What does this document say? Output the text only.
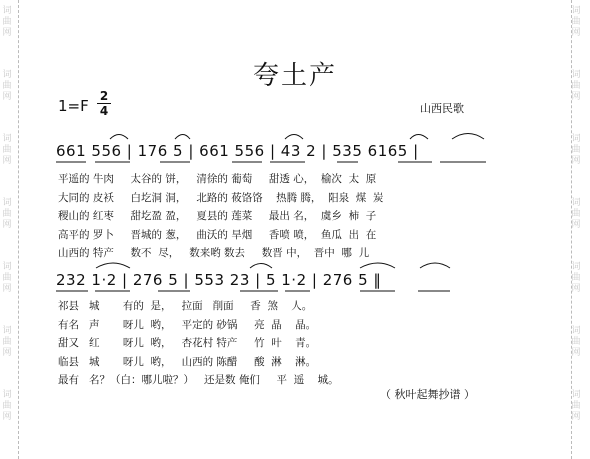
词
曲
网
词
曲
网
词
曲
网
词
曲
网
词
曲
网
词
曲
网
词
曲
网
词
曲
网
词
曲
网
词
曲
网
词
曲
网
词
曲
网
词
曲
网
词
曲
网
夸土产
1=F
2
4	山西民歌
661 556 | 176 5 | 661 556 | 43 2 | 535 6165 |
232 1·2 | 276 5 | 553 23 | 5 1·2 | 276 5 ‖
平遥的 牛肉     太谷的 饼，   清徐的 葡萄     甜透 心，  榆次  太  原
大同的 皮袄     白圪洞 洞，   北路的 莜饹饹    热腾 腾，  阳泉  煤  炭
稷山的 红枣     甜圪盈 盈，   夏县的 莲菜     最出 名，  虞乡  柿  子
高平的 罗卜     晋城的 葱，   曲沃的 旱烟     香喷 喷，  鱼瓜  出  在
山西的 特产     数不  尽，   数来哟 数去     数晋 中，  晋中  哪  儿
祁县   城       有的  是，   拉面   削面     香  煞    人。
有名   声       呀儿  哟，   平定的 砂锅     亮  晶    晶。
甜又   红       呀儿  哟，   杏花村 特产     竹  叶    青。
临县   城       呀儿  哟，   山西的 陈醋     酸  淋    淋。
最有   名？（白：哪儿啦？）   还是数 俺们     平  遥    城。
（ 秋叶起舞抄谱 ）
